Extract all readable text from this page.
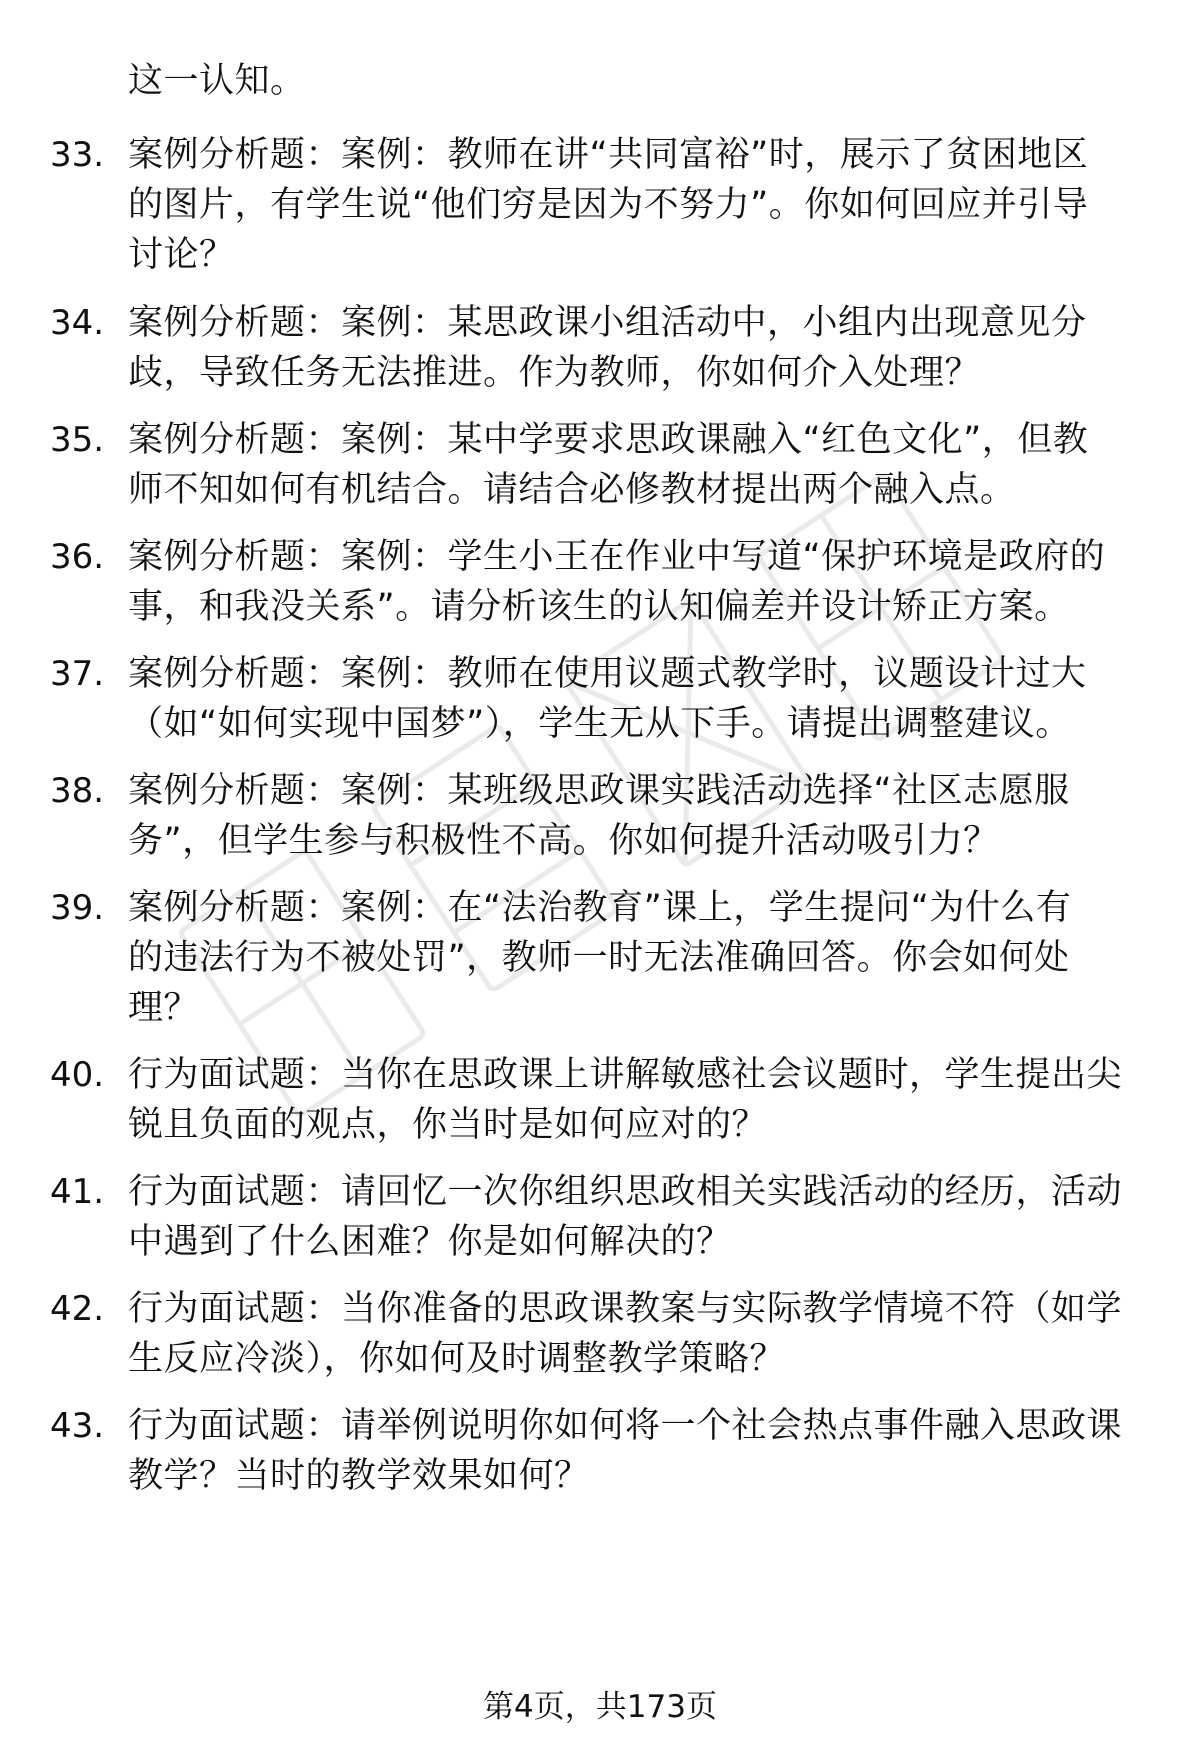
这一认知。
33. 案例分析题：案例：教师在讲“共同富裕”时，展示了贫困地区
的图片，有学生说“他们穷是因为不努力”。你如何回应并引导
讨论？
34. 案例分析题：案例：某思政课小组活动中，小组内出现意见分
歧，导致任务无法推进。作为教师，你如何介入处理？
35. 案例分析题：案例：某中学要求思政课融入“红色文化”，但教
师不知如何有机结合。请结合必修教材提出两个融入点。
36. 案例分析题：案例：学生小王在作业中写道“保护环境是政府的
事，和我没关系”。请分析该生的认知偏差并设计矫正方案。
37. 案例分析题：案例：教师在使用议题式教学时，议题设计过大
（如“如何实现中国梦”），学生无从下手。请提出调整建议。
38. 案例分析题：案例：某班级思政课实践活动选择“社区志愿服
务”，但学生参与积极性不高。你如何提升活动吸引力？
39. 案例分析题：案例：在“法治教育”课上，学生提问“为什么有
的违法行为不被处罚”，教师一时无法准确回答。你会如何处
理？
40. 行为面试题：当你在思政课上讲解敏感社会议题时，学生提出尖
锐且负面的观点，你当时是如何应对的？
41. 行为面试题：请回忆一次你组织思政相关实践活动的经历，活动
中遇到了什么困难？你是如何解决的？
42. 行为面试题：当你准备的思政课教案与实际教学情境不符（如学
生反应冷淡），你如何及时调整教学策略？
43. 行为面试题：请举例说明你如何将一个社会热点事件融入思政课
教学？当时的教学效果如何？
第4页，共173页
